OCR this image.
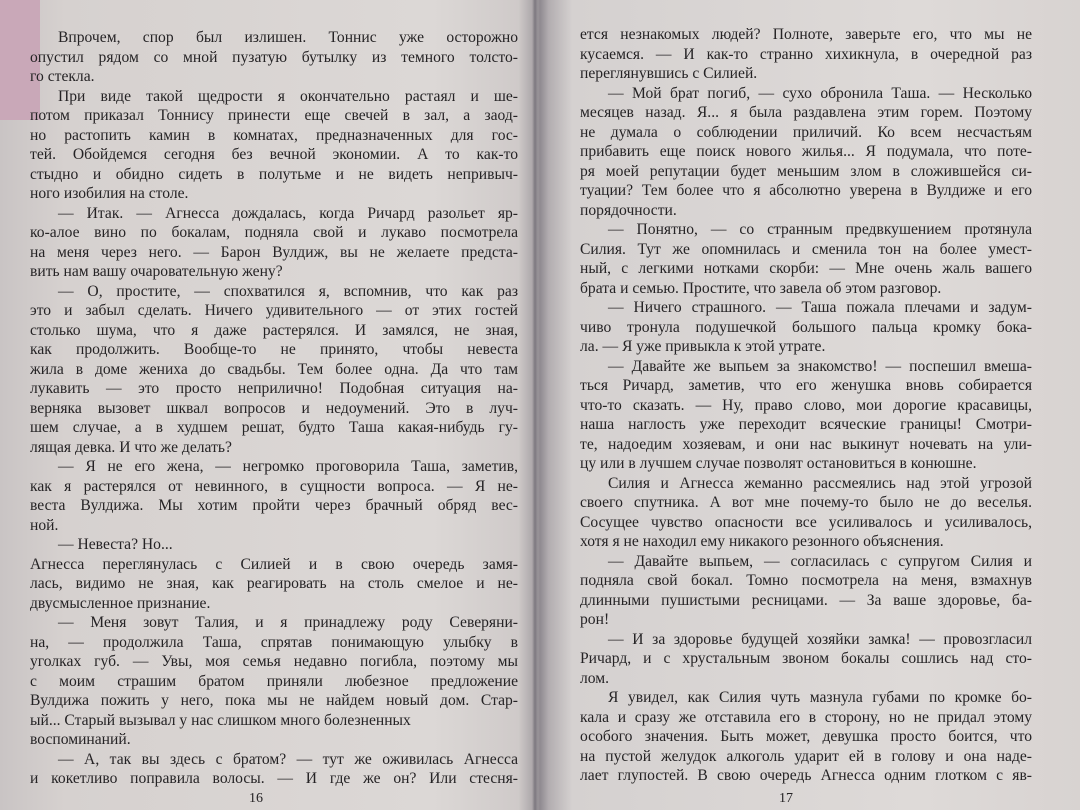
16
Впрочем, спор был излишен. Тоннис уже осторожно
опустил рядом со мной пузатую бутылку из темного толсто-
го стекла.
При виде такой щедрости я окончательно растаял и ше-
потом приказал Тоннису принести еще свечей в зал, а заод-
но растопить камин в комнатах, предназначенных для гос-
тей. Обойдемся сегодня без вечной экономии. А то как-то
стыдно и обидно сидеть в полутьме и не видеть непривыч-
ного изобилия на столе.
— Итак. — Агнесса дождалась, когда Ричард разольет яр-
ко-алое вино по бокалам, подняла свой и лукаво посмотрела
на меня через него. — Барон Вулдиж, вы не желаете предста-
вить нам вашу очаровательную жену?
— О, простите, — спохватился я, вспомнив, что как раз
это и забыл сделать. Ничего удивительного — от этих гостей
столько шума, что я даже растерялся. И замялся, не зная,
как продолжить. Вообще-то не принято, чтобы невеста
жила в доме жениха до свадьбы. Тем более одна. Да что там
лукавить — это просто неприлично! Подобная ситуация на-
верняка вызовет шквал вопросов и недоумений. Это в луч-
шем случае, а в худшем решат, будто Таша какая-нибудь гу-
лящая девка. И что же делать?
— Я не его жена, — негромко проговорила Таша, заметив,
как я растерялся от невинного, в сущности вопроса. — Я не-
веста Вулдижа. Мы хотим пройти через брачный обряд вес-
ной.
— Невеста? Но...
Агнесса переглянулась с Силией и в свою очередь замя-
лась, видимо не зная, как реагировать на столь смелое и не-
двусмысленное признание.
— Меня зовут Талия, и я принадлежу роду Северяни-
на, — продолжила Таша, спрятав понимающую улыбку в
уголках губ. — Увы, моя семья недавно погибла, поэтому мы
с моим страшим братом приняли любезное предложение
Вулдижа пожить у него, пока мы не найдем новый дом. Стар-
ый... Старый вызывал у нас слишком много болезненных
воспоминаний.
— А, так вы здесь с братом? — тут же оживилась Агнесса
и кокетливо поправила волосы. — И где же он? Или стесня-
17
ется незнакомых людей? Полноте, заверьте его, что мы не
кусаемся. — И как-то странно хихикнула, в очередной раз
переглянувшись с Силией.
— Мой брат погиб, — сухо обронила Таша. — Несколько
месяцев назад. Я... я была раздавлена этим горем. Поэтому
не думала о соблюдении приличий. Ко всем несчастьям
прибавить еще поиск нового жилья... Я подумала, что поте-
ря моей репутации будет меньшим злом в сложившейся си-
туации? Тем более что я абсолютно уверена в Вулдиже и его
порядочности.
— Понятно, — со странным предвкушением протянула
Силия. Тут же опомнилась и сменила тон на более умест-
ный, с легкими нотками скорби: — Мне очень жаль вашего
брата и семью. Простите, что завела об этом разговор.
— Ничего страшного. — Таша пожала плечами и задум-
чиво тронула подушечкой большого пальца кромку бока-
ла. — Я уже привыкла к этой утрате.
— Давайте же выпьем за знакомство! — поспешил вмеша-
ться Ричард, заметив, что его женушка вновь собирается
что-то сказать. — Ну, право слово, мои дорогие красавицы,
наша наглость уже переходит всяческие границы! Смотри-
те, надоедим хозяевам, и они нас выкинут ночевать на ули-
цу или в лучшем случае позволят остановиться в конюшне.
Силия и Агнесса жеманно рассмеялись над этой угрозой
своего спутника. А вот мне почему-то было не до веселья.
Сосущее чувство опасности все усиливалось и усиливалось,
хотя я не находил ему никакого резонного объяснения.
— Давайте выпьем, — согласилась с супругом Силия и
подняла свой бокал. Томно посмотрела на меня, взмахнув
длинными пушистыми ресницами. — За ваше здоровье, ба-
рон!
— И за здоровье будущей хозяйки замка! — провозгласил
Ричард, и с хрустальным звоном бокалы сошлись над сто-
лом.
Я увидел, как Силия чуть мазнула губами по кромке бо-
кала и сразу же отставила его в сторону, но не придал этому
особого значения. Быть может, девушка просто боится, что
на пустой желудок алкоголь ударит ей в голову и она наде-
лает глупостей. В свою очередь Агнесса одним глотком с яв-
